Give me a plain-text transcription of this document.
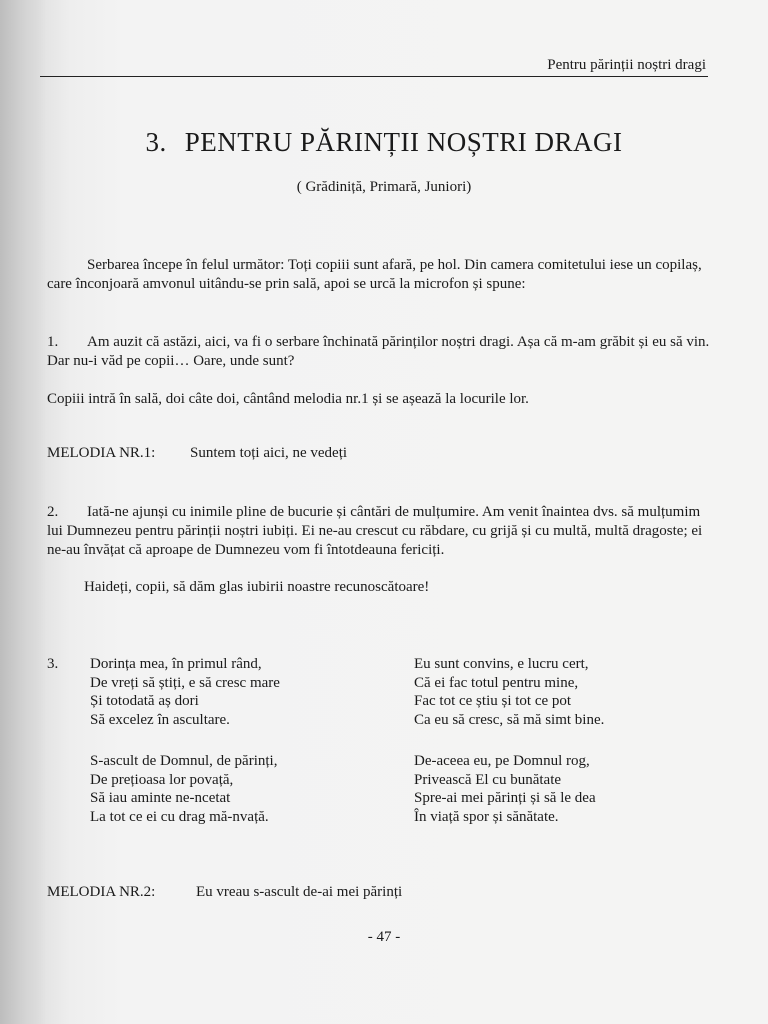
Pentru părinții noștri dragi
3. PENTRU PĂRINȚII NOȘTRI DRAGI
( Grădiniță, Primară, Juniori)
Serbarea începe în felul următor: Toți copiii sunt afară, pe hol. Din camera comitetului iese un copilaș, care înconjoară amvonul uitându-se prin sală, apoi se urcă la microfon și spune:
1. Am auzit că astăzi, aici, va fi o serbare închinată părinților noștri dragi. Așa că m-am grăbit și eu să vin. Dar nu-i văd pe copii… Oare, unde sunt?
Copiii intră în sală, doi câte doi, cântând melodia nr.1 și se așează la locurile lor.
MELODIA NR.1: Suntem toți aici, ne vedeți
2. Iată-ne ajunși cu inimile pline de bucurie și cântări de mulțumire. Am venit înaintea dvs. să mulțumim lui Dumnezeu pentru părinții noștri iubiți. Ei ne-au crescut cu răbdare, cu grijă și cu multă, multă dragoste; ei ne-au învățat că aproape de Dumnezeu vom fi întotdeauna fericiți.
Haideți, copii, să dăm glas iubirii noastre recunoscătoare!
3. Dorința mea, în primul rând,
De vreți să știți, e să cresc mare
Și totodată aș dori
Să excelez în ascultare.
S-ascult de Domnul, de părinți,
De prețioasa lor povață,
Să iau aminte ne-ncetat
La tot ce ei cu drag mă-nvață.
Eu sunt convins, e lucru cert,
Că ei fac totul pentru mine,
Fac tot ce știu și tot ce pot
Ca eu să cresc, să mă simt bine.
De-aceea eu, pe Domnul rog,
Privească El cu bunătate
Spre-ai mei părinți și să le dea
În viață spor și sănătate.
MELODIA NR.2:	Eu vreau s-ascult de-ai mei părinți
- 47 -
